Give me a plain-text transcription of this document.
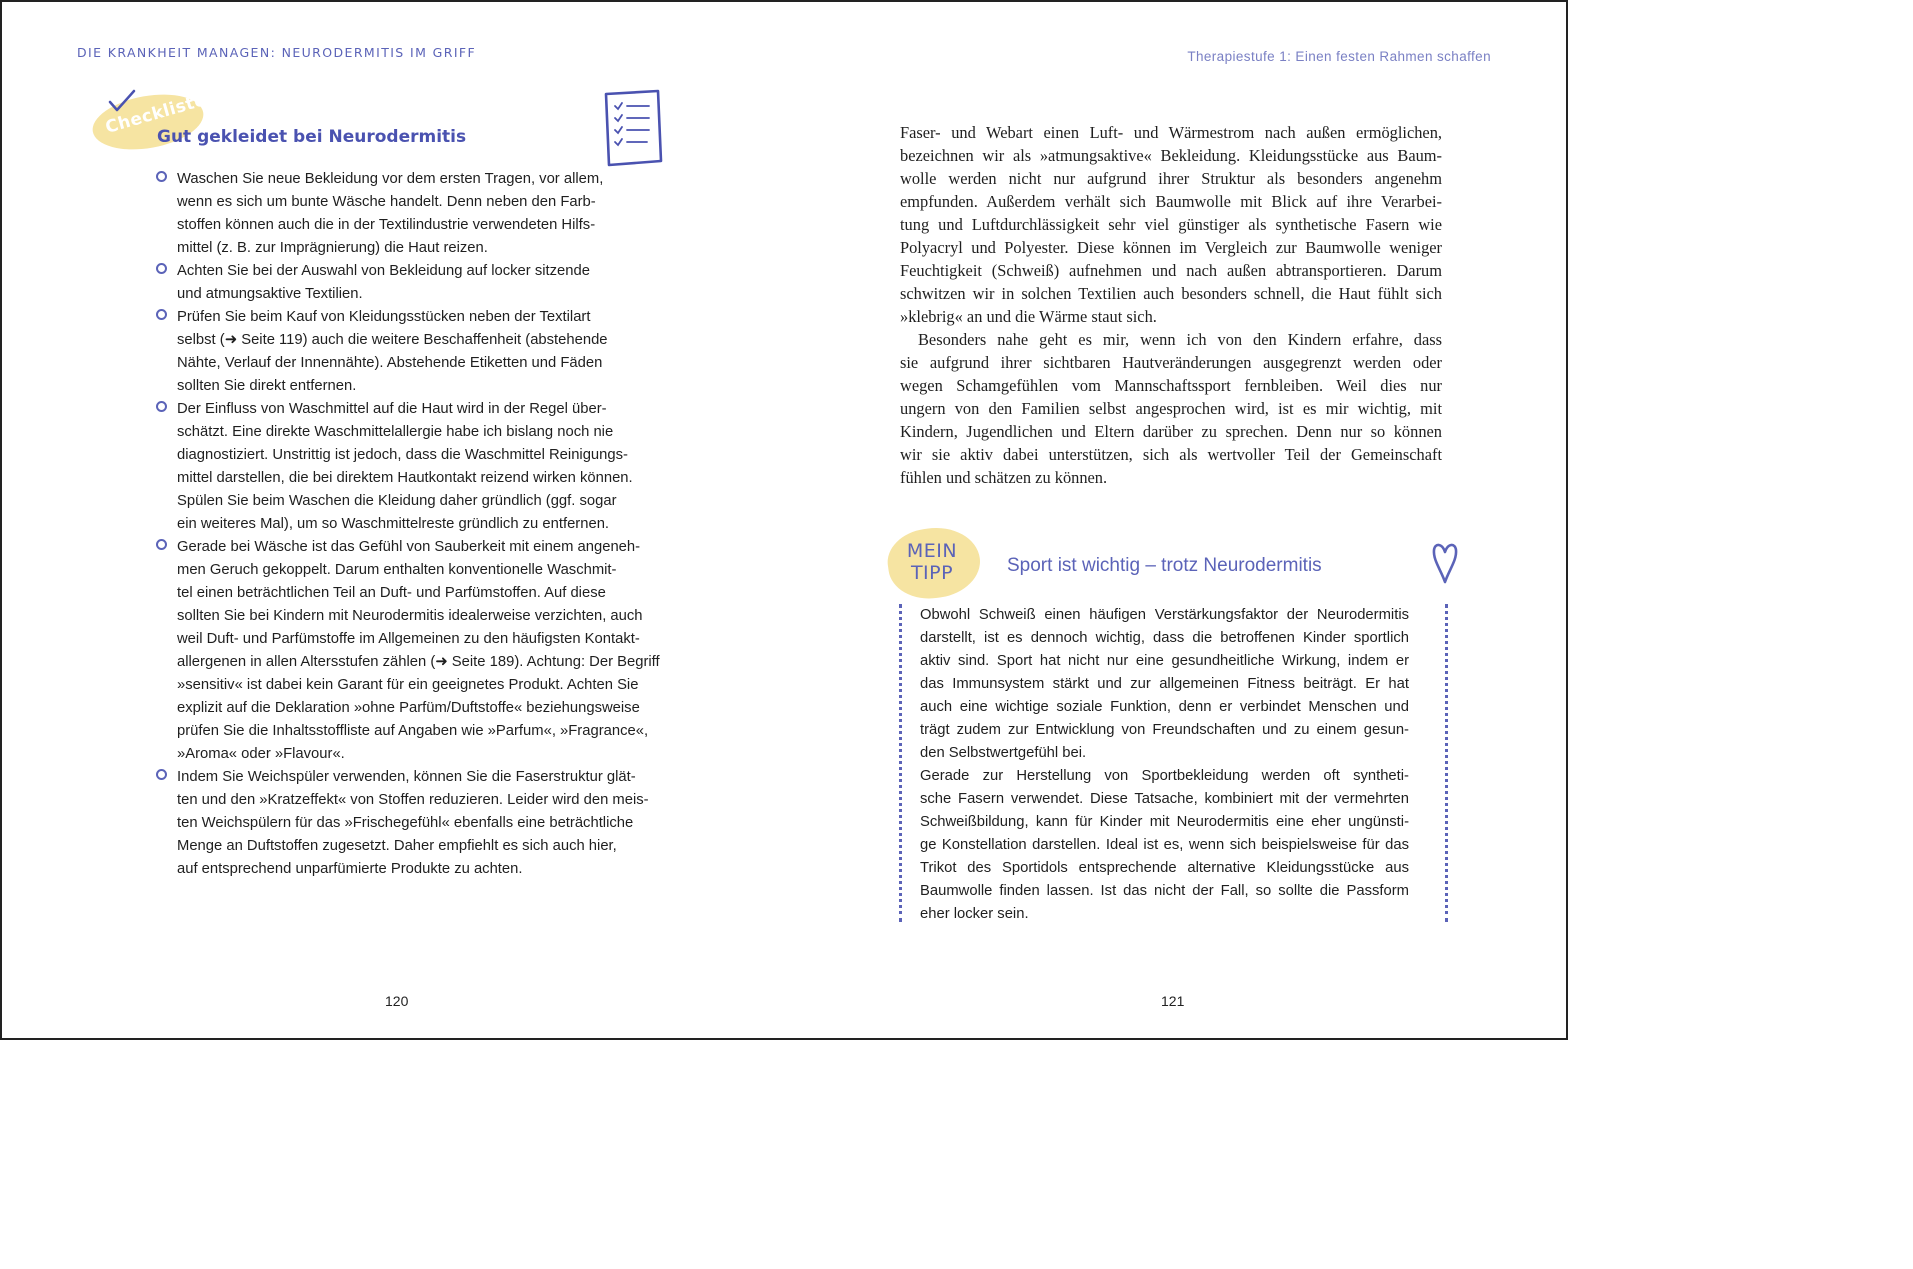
DIE KRANKHEIT MANAGEN: NEURODERMITIS IM GRIFF
Checkliste
Gut gekleidet bei Neurodermitis
Waschen Sie neue Bekleidung vor dem ersten Tragen, vor allem,
wenn es sich um bunte Wäsche handelt. Denn neben den Farb-
stoffen können auch die in der Textilindustrie verwendeten Hilfs-
mittel (z. B. zur Imprägnierung) die Haut reizen.
Achten Sie bei der Auswahl von Bekleidung auf locker sitzende
und atmungsaktive Textilien.
Prüfen Sie beim Kauf von Kleidungsstücken neben der Textilart
selbst (➜ Seite 119) auch die weitere Beschaffenheit (abstehende
Nähte, Verlauf der Innennähte). Abstehende Etiketten und Fäden
sollten Sie direkt entfernen.
Der Einfluss von Waschmittel auf die Haut wird in der Regel über-
schätzt. Eine direkte Waschmittelallergie habe ich bislang noch nie
diagnostiziert. Unstrittig ist jedoch, dass die Waschmittel Reinigungs-
mittel darstellen, die bei direktem Hautkontakt reizend wirken können.
Spülen Sie beim Waschen die Kleidung daher gründlich (ggf. sogar
ein weiteres Mal), um so Waschmittelreste gründlich zu entfernen.
Gerade bei Wäsche ist das Gefühl von Sauberkeit mit einem angeneh-
men Geruch gekoppelt. Darum enthalten konventionelle Waschmit-
tel einen beträchtlichen Teil an Duft- und Parfümstoffen. Auf diese
sollten Sie bei Kindern mit Neurodermitis idealerweise verzichten, auch
weil Duft- und Parfümstoffe im Allgemeinen zu den häufigsten Kontakt-
allergenen in allen Altersstufen zählen (➜ Seite 189). Achtung: Der Begriff
»sensitiv« ist dabei kein Garant für ein geeignetes Produkt. Achten Sie
explizit auf die Deklaration »ohne Parfüm/Duftstoffe« beziehungsweise
prüfen Sie die Inhaltsstoffliste auf Angaben wie »Parfum«, »Fragrance«,
»Aroma« oder »Flavour«.
Indem Sie Weichspüler verwenden, können Sie die Faserstruktur glät-
ten und den »Kratzeffekt« von Stoffen reduzieren. Leider wird den meis-
ten Weichspülern für das »Frischegefühl« ebenfalls eine beträchtliche
Menge an Duftstoffen zugesetzt. Daher empfiehlt es sich auch hier,
auf entsprechend unparfümierte Produkte zu achten.
120
Therapiestufe 1: Einen festen Rahmen schaffen
Faser- und Webart einen Luft- und Wärmestrom nach außen ermöglichen,
bezeichnen wir als »atmungsaktive« Bekleidung. Kleidungsstücke aus Baum-
wolle werden nicht nur aufgrund ihrer Struktur als besonders angenehm
empfunden. Außerdem verhält sich Baumwolle mit Blick auf ihre Verarbei-
tung und Luftdurchlässigkeit sehr viel günstiger als synthetische Fasern wie
Polyacryl und Polyester. Diese können im Vergleich zur Baumwolle weniger
Feuchtigkeit (Schweiß) aufnehmen und nach außen abtransportieren. Darum
schwitzen wir in solchen Textilien auch besonders schnell, die Haut fühlt sich
»klebrig« an und die Wärme staut sich.
Besonders nahe geht es mir, wenn ich von den Kindern erfahre, dass
sie aufgrund ihrer sichtbaren Hautveränderungen ausgegrenzt werden oder
wegen Schamgefühlen vom Mannschaftssport fernbleiben. Weil dies nur
ungern von den Familien selbst angesprochen wird, ist es mir wichtig, mit
Kindern, Jugendlichen und Eltern darüber zu sprechen. Denn nur so können
wir sie aktiv dabei unterstützen, sich als wertvoller Teil der Gemeinschaft
fühlen und schätzen zu können.
MEIN
TIPP	Sport ist wichtig – trotz Neurodermitis
Obwohl Schweiß einen häufigen Verstärkungsfaktor der Neurodermitis
darstellt, ist es dennoch wichtig, dass die betroffenen Kinder sportlich
aktiv sind. Sport hat nicht nur eine gesundheitliche Wirkung, indem er
das Immunsystem stärkt und zur allgemeinen Fitness beiträgt. Er hat
auch eine wichtige soziale Funktion, denn er verbindet Menschen und
trägt zudem zur Entwicklung von Freundschaften und zu einem gesun-
den Selbstwertgefühl bei.
Gerade zur Herstellung von Sportbekleidung werden oft syntheti-
sche Fasern verwendet. Diese Tatsache, kombiniert mit der vermehrten
Schweißbildung, kann für Kinder mit Neurodermitis eine eher ungünsti-
ge Konstellation darstellen. Ideal ist es, wenn sich beispielsweise für das
Trikot des Sportidols entsprechende alternative Kleidungsstücke aus
Baumwolle finden lassen. Ist das nicht der Fall, so sollte die Passform
eher locker sein.
121
